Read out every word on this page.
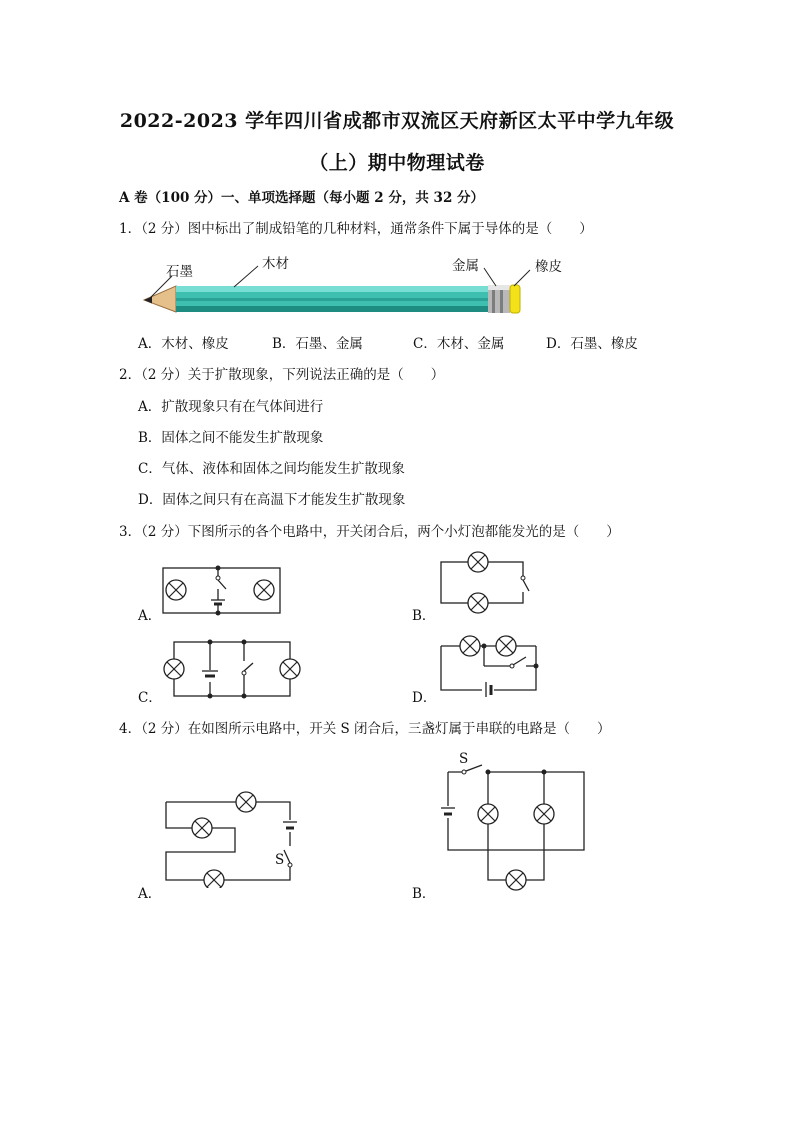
2022-2023 学年四川省成都市双流区天府新区太平中学九年级
（上）期中物理试卷
A 卷（100 分）一、单项选择题（每小题 2 分，共 32 分）
1．（2 分）图中标出了制成铅笔的几种材料，通常条件下属于导体的是（　　）
石墨	木材	金属	橡皮
A．木材、橡皮	B．石墨、金属	C．木材、金属	D．石墨、橡皮
2．（2 分）关于扩散现象，下列说法正确的是（　　）
A．扩散现象只有在气体间进行
B．固体之间不能发生扩散现象
C．气体、液体和固体之间均能发生扩散现象
D．固体之间只有在高温下才能发生扩散现象
3．（2 分）下图所示的各个电路中，开关闭合后，两个小灯泡都能发光的是（　　）
A．	B．
C．	D．
4．（2 分）在如图所示电路中，开关 S 闭合后，三盏灯属于串联的电路是（　　）
S
A．
S
B．
